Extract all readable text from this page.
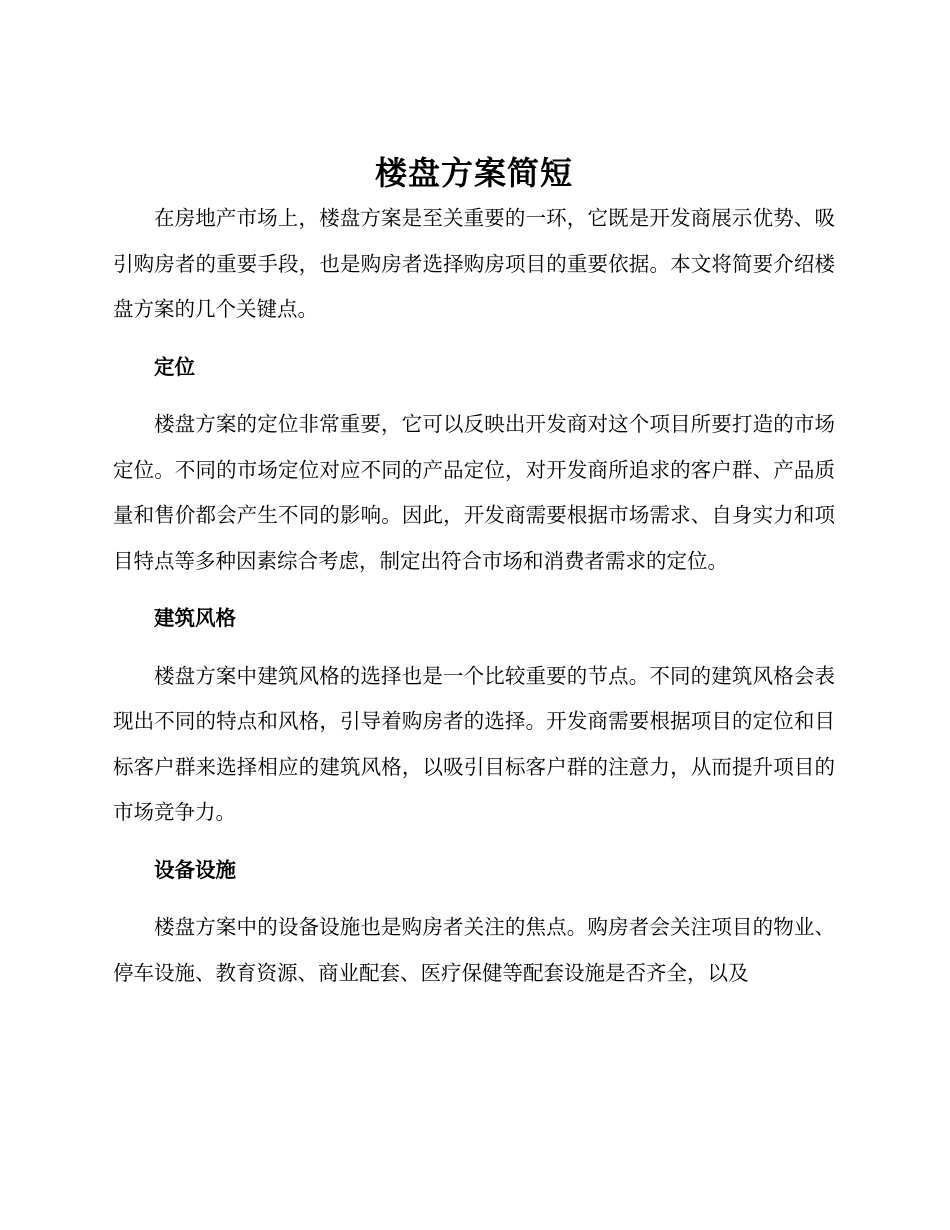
楼盘方案简短

在房地产市场上，楼盘方案是至关重要的一环，它既是开发商展示优势、吸引购房者的重要手段，也是购房者选择购房项目的重要依据。本文将简要介绍楼盘方案的几个关键点。

定位

楼盘方案的定位非常重要，它可以反映出开发商对这个项目所要打造的市场定位。不同的市场定位对应不同的产品定位，对开发商所追求的客户群、产品质量和售价都会产生不同的影响。因此，开发商需要根据市场需求、自身实力和项目特点等多种因素综合考虑，制定出符合市场和消费者需求的定位。

建筑风格

楼盘方案中建筑风格的选择也是一个比较重要的节点。不同的建筑风格会表现出不同的特点和风格，引导着购房者的选择。开发商需要根据项目的定位和目标客户群来选择相应的建筑风格，以吸引目标客户群的注意力，从而提升项目的市场竞争力。

设备设施

楼盘方案中的设备设施也是购房者关注的焦点。购房者会关注项目的物业、停车设施、教育资源、商业配套、医疗保健等配套设施是否齐全，以及
